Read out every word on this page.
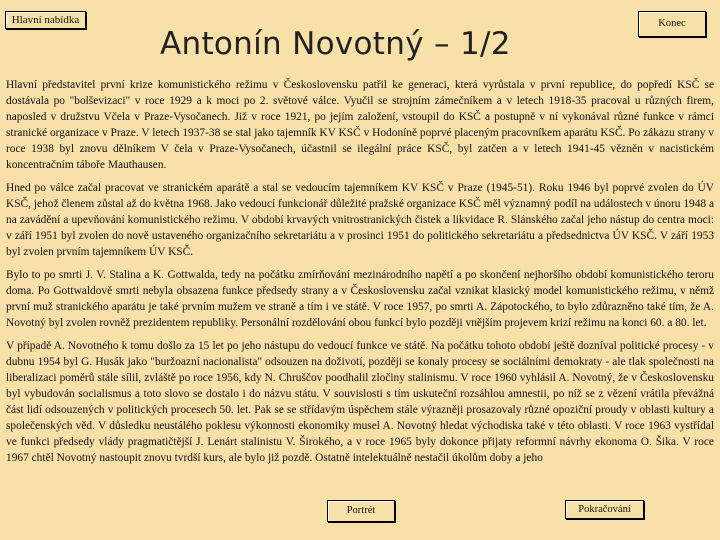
Hlavní nabídka	Konec
Antonín Novotný – 1/2

Hlavní představitel první krize komunistického režimu v Československu patřil ke generaci, která vyrůstala v první republice, do popředí KSČ se dostávala po "bolševizaci" v roce 1929 a k moci po 2. světové válce. Vyučil se strojním zámečníkem a v letech 1918-35 pracoval u různých firem, naposled v družstvu Včela v Praze-Vysočanech. Již v roce 1921, po jejím založení, vstoupil do KSČ a postupně v ní vykonával různé funkce v rámci stranické organizace v Praze. V letech 1937-38 se stal jako tajemník KV KSČ v Hodoníně poprvé placeným pracovníkem aparátu KSČ. Po zákazu strany v roce 1938 byl znovu dělníkem V čela v Praze-Vysočanech, účastnil se ilegální práce KSČ, byl zatčen a v letech 1941-45 vězněn v nacistickém koncentračním táboře Mauthausen.

Hned po válce začal pracovat ve stranickém aparátě a stal se vedoucím tajemníkem KV KSČ v Praze (1945-51). Roku 1946 byl poprvé zvolen do ÚV KSČ, jehož členem zůstal až do května 1968. Jako vedoucí funkcionář důležité pražské organizace KSČ měl významný podíl na událostech v únoru 1948 a na zavádění a upevňování komunistického režimu. V období krvavých vnitrostranických čistek a likvidace R. Slánského začal jeho nástup do centra moci: v září 1951 byl zvolen do nově ustaveného organizačního sekretariátu a v prosinci 1951 do politického sekretariátu a předsednictva ÚV KSČ. V září 1953 byl zvolen prvním tajemníkem ÚV KSČ.

Bylo to po smrti J. V. Stalina a K. Gottwalda, tedy na počátku zmírňování mezinárodního napětí a po skončení nejhoršího období komunistického teroru doma. Po Gottwaldově smrti nebyla obsazena funkce předsedy strany a v Československu začal vznikat klasický model komunistického režimu, v němž první muž stranického aparátu je také prvním mužem ve straně a tím i ve státě. V roce 1957, po smrti A. Zápotockého, to bylo zdůrazněno také tím, že A. Novotný byl zvolen rovněž prezidentem republiky. Personální rozdělování obou funkcí bylo později vnějším projevem krizí režimu na konci 60. a 80. let.

V případě A. Novotného k tomu došlo za 15 let po jeho nástupu do vedoucí funkce ve státě. Na počátku tohoto období ještě dozníval politické procesy - v dubnu 1954 byl G. Husák jako "buržoazní nacionalista" odsouzen na doživotí, později se konaly procesy se sociálními demokraty - ale tlak společnosti na liberalizaci poměrů stále sílil, zvláště po roce 1956, kdy N. Chruščov poodhalil zločiny stalinismu. V roce 1960 vyhlásil A. Novotný, že v Československu byl vybudován socialismus a toto slovo se dostalo i do názvu státu. V souvislosti s tím uskuteční rozsáhlou amnestii, po níž se z vězení vrátila převážná část lidí odsouzených v politických procesech 50. let. Pak se se střídavým úspěchem stále výrazněji prosazovaly různé opoziční proudy v oblasti kultury a společenských věd. V důsledku neustálého poklesu výkonnosti ekonomiky musel A. Novotný hledat východiska také v této oblasti. V roce 1963 vystřídal ve funkci předsedy vlády pragmatičtější J. Lenárt stalinistu V. Širokého, a v roce 1965 byly dokonce přijaty reformní návrhy ekonoma O. Šika. V roce 1967 chtěl Novotný nastoupit znovu tvrdší kurs, ale bylo již pozdě. Ostatně intelektuálně nestačil úkolům doby a jeho

Portrét	Pokračování
